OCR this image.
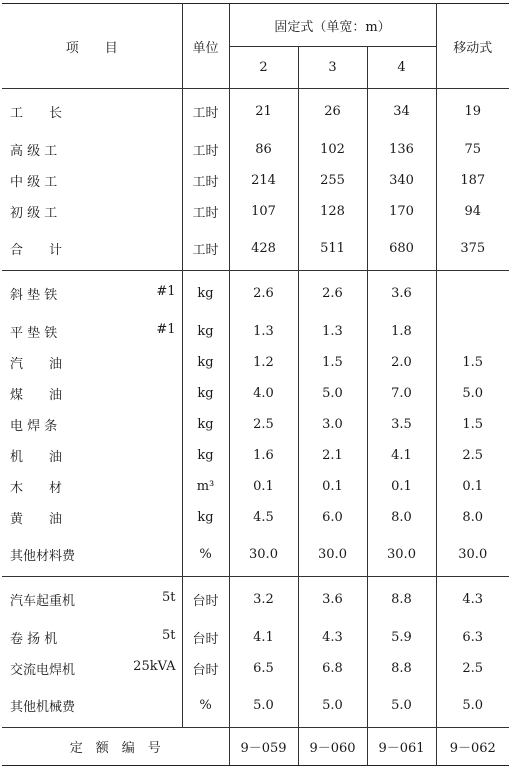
项　　目	单位	固定式（单宽：m）			移动式
		2	3	4	
工　　长	工时	21	26	34	19
高 级 工	工时	86	102	136	75
中 级 工	工时	214	255	340	187
初 级 工	工时	107	128	170	94
合　　计	工时	428	511	680	375
斜 垫 铁 #1	kg	2.6	2.6	3.6	
平 垫 铁 #1	kg	1.3	1.3	1.8	
汽　　油	kg	1.2	1.5	2.0	1.5
煤　　油	kg	4.0	5.0	7.0	5.0
电 焊 条	kg	2.5	3.0	3.5	1.5
机　　油	kg	1.6	2.1	4.1	2.5
木　　材	m³	0.1	0.1	0.1	0.1
黄　　油	kg	4.5	6.0	8.0	8.0
其他材料费	%	30.0	30.0	30.0	30.0
汽车起重机 5t	台时	3.2	3.6	8.8	4.3
卷 扬 机 5t	台时	4.1	4.3	5.9	6.3
交流电焊机 25kVA	台时	6.5	6.8	8.8	2.5
其他机械费	%	5.0	5.0	5.0	5.0
定　额　编　号		9－059	9－060	9－061	9－062
